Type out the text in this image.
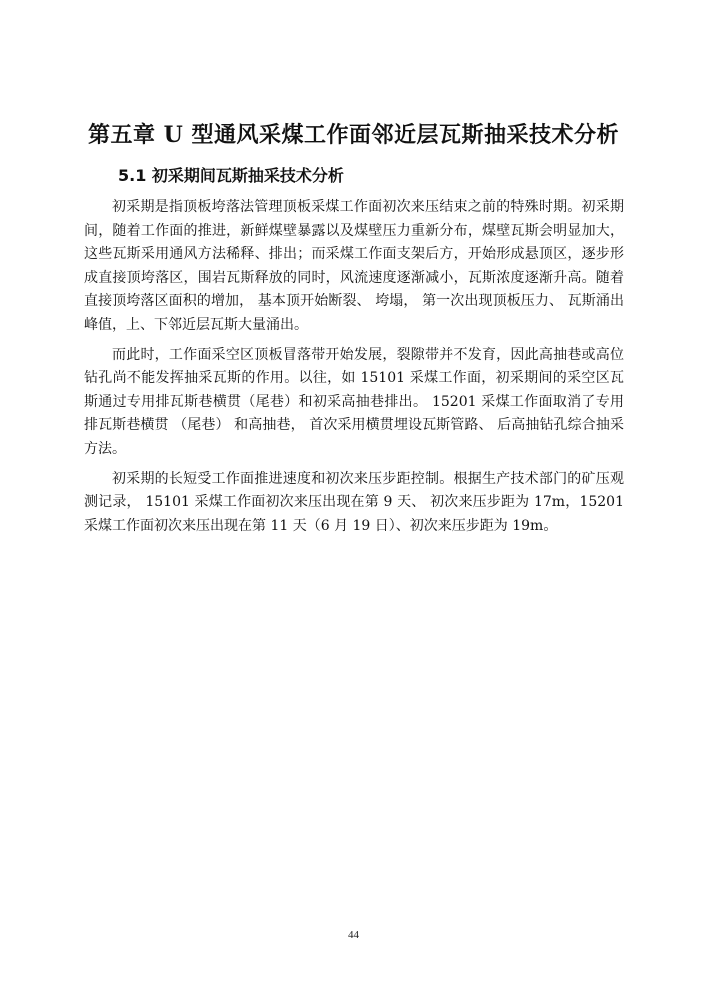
第五章 U 型通风采煤工作面邻近层瓦斯抽采技术分析
5.1 初采期间瓦斯抽采技术分析

初采期是指顶板垮落法管理顶板采煤工作面初次来压结束之前的特殊时期。初采期间，随着工作面的推进，新鲜煤壁暴露以及煤壁压力重新分布，煤壁瓦斯会明显加大，这些瓦斯采用通风方法稀释、排出；而采煤工作面支架后方，开始形成悬顶区，逐步形成直接顶垮落区，围岩瓦斯释放的同时，风流速度逐渐减小，瓦斯浓度逐渐升高。随着直接顶垮落区面积的增加， 基本顶开始断裂、 垮塌， 第一次出现顶板压力、 瓦斯涌出峰值，上、下邻近层瓦斯大量涌出。

而此时，工作面采空区顶板冒落带开始发展，裂隙带并不发育，因此高抽巷或高位钻孔尚不能发挥抽采瓦斯的作用。以往，如 15101 采煤工作面，初采期间的采空区瓦斯通过专用排瓦斯巷横贯（尾巷）和初采高抽巷排出。 15201 采煤工作面取消了专用排瓦斯巷横贯 （尾巷） 和高抽巷， 首次采用横贯埋设瓦斯管路、 后高抽钻孔综合抽采方法。

初采期的长短受工作面推进速度和初次来压步距控制。根据生产技术部门的矿压观测记录， 15101 采煤工作面初次来压出现在第 9 天、 初次来压步距为 17m，15201 采煤工作面初次来压出现在第 11 天（6 月 19 日）、初次来压步距为 19m。

44
